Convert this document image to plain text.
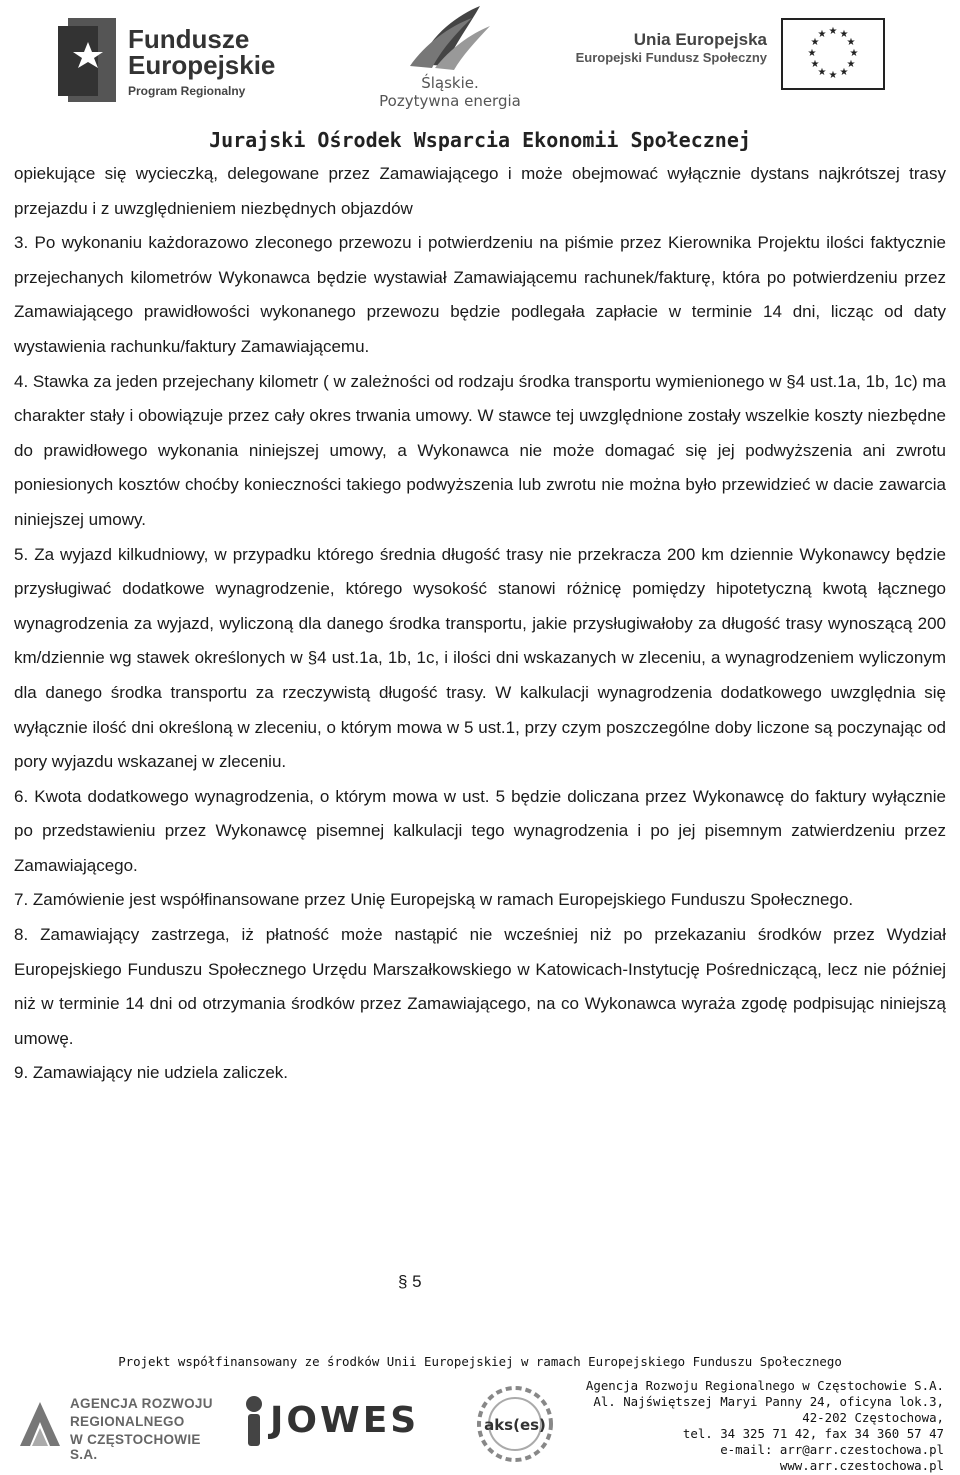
Fundusze
Europejskie
Program Regionalny	Śląskie.
Pozytywna energia
Unia Europejska
Europejski Fundusz Społeczny
★ ★
★
★
★
★
★
★
★
★
★
★
Jurajski Ośrodek Wsparcia Ekonomii Społecznej

opiekujące się wycieczką, delegowane przez Zamawiającego i może obejmować wyłącznie dystans najkrótszej trasy przejazdu i z uwzględnieniem niezbędnych objazdów

3. Po wykonaniu każdorazowo zleconego przewozu i potwierdzeniu na piśmie przez Kierownika Projektu ilości faktycznie przejechanych kilometrów Wykonawca będzie wystawiał Zamawiającemu rachunek/fakturę, która po potwierdzeniu przez Zamawiającego prawidłowości wykonanego przewozu będzie podlegała zapłacie w terminie 14 dni, licząc od daty wystawienia rachunku/faktury Zamawiającemu.

4. Stawka za jeden przejechany kilometr ( w zależności od rodzaju środka transportu wymienionego w §4 ust.1a, 1b, 1c) ma charakter stały i obowiązuje przez cały okres trwania umowy. W stawce tej uwzględnione zostały wszelkie koszty niezbędne do prawidłowego wykonania niniejszej umowy, a Wykonawca nie może domagać się jej podwyższenia ani zwrotu poniesionych kosztów choćby konieczności takiego podwyższenia lub zwrotu nie można było przewidzieć w dacie zawarcia niniejszej umowy.

5. Za wyjazd kilkudniowy, w przypadku którego średnia długość trasy nie przekracza 200 km dziennie Wykonawcy będzie przysługiwać dodatkowe wynagrodzenie, którego wysokość stanowi różnicę pomiędzy hipotetyczną kwotą łącznego wynagrodzenia za wyjazd, wyliczoną dla danego środka transportu, jakie przysługiwałoby za długość trasy wynoszącą 200 km/dziennie wg stawek określonych w §4 ust.1a, 1b, 1c, i ilości dni wskazanych w zleceniu, a wynagrodzeniem wyliczonym dla danego środka transportu za rzeczywistą długość trasy. W kalkulacji wynagrodzenia dodatkowego uwzględnia się wyłącznie ilość dni określoną w zleceniu, o którym mowa w 5 ust.1, przy czym poszczególne doby liczone są poczynając od pory wyjazdu wskazanej w zleceniu.

6. Kwota dodatkowego wynagrodzenia, o którym mowa w ust. 5 będzie doliczana przez Wykonawcę do faktury wyłącznie po przedstawieniu przez Wykonawcę pisemnej kalkulacji tego wynagrodzenia i po jej pisemnym zatwierdzeniu przez Zamawiającego.

7. Zamówienie jest współfinansowane przez Unię Europejską w ramach Europejskiego Funduszu Społecznego.

8. Zamawiający zastrzega, iż płatność może nastąpić nie wcześniej niż po przekazaniu środków przez Wydział Europejskiego Funduszu Społecznego Urzędu Marszałkowskiego w Katowicach-Instytucję Pośredniczącą, lecz nie później niż w terminie 14 dni od otrzymania środków przez Zamawiającego, na co Wykonawca wyraża zgodę podpisując niniejszą umowę.

9. Zamawiający nie udziela zaliczek.

§ 5
Projekt współfinansowany ze środków Unii Europejskiej w ramach Europejskiego Funduszu Społecznego
AGENCJA ROZWOJU
REGIONALNEGO
W CZĘSTOCHOWIE S.A.
JOWES	aks(es)
Agencja Rozwoju Regionalnego w Częstochowie S.A.
Al. Najświętszej Maryi Panny 24, oficyna lok.3,
42-202 Częstochowa,
tel. 34 325 71 42, fax 34 360 57 47
e-mail: arr@arr.czestochowa.pl
www.arr.czestochowa.pl
